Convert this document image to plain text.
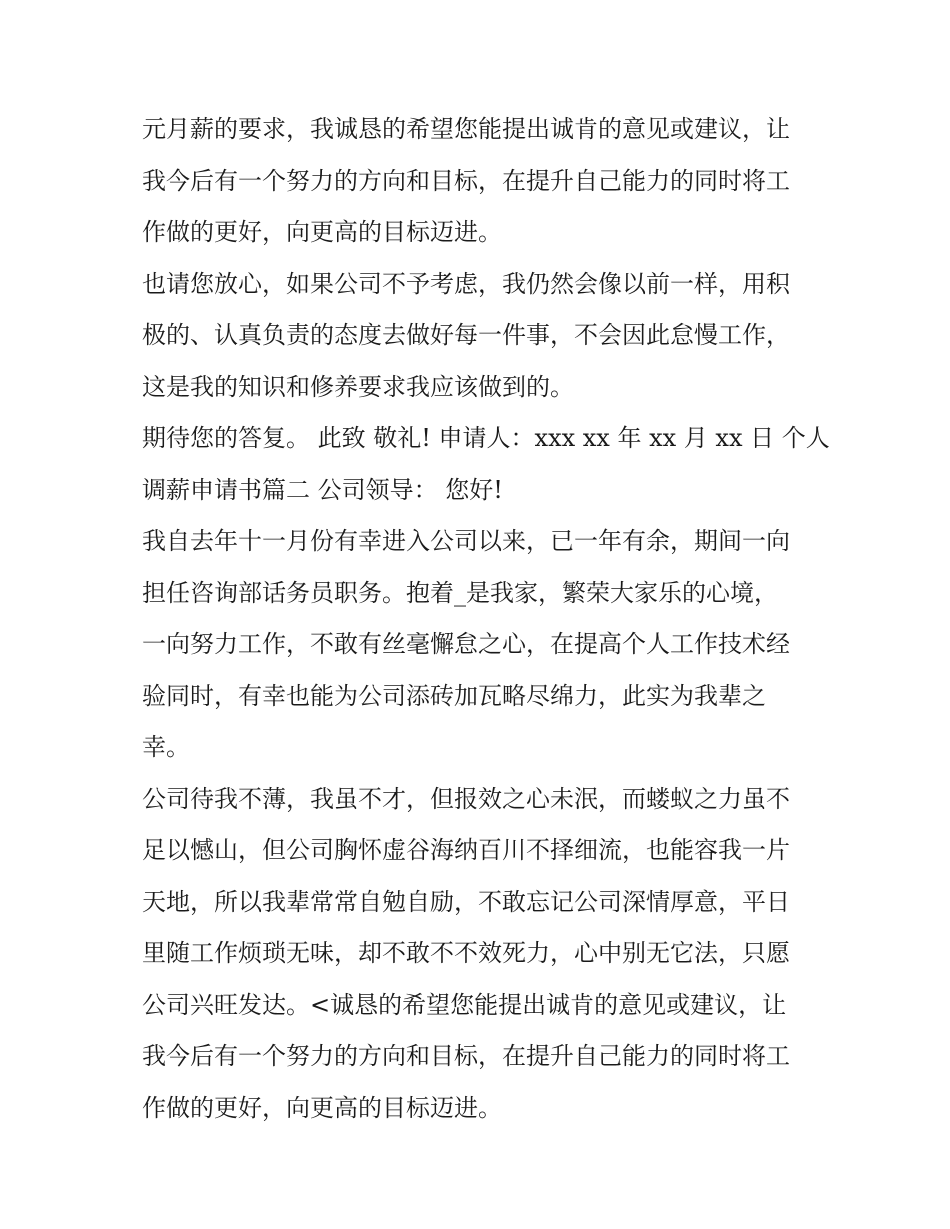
元月薪的要求，我诚恳的希望您能提出诚肯的意见或建议，让
我今后有一个努力的方向和目标，在提升自己能力的同时将工
作做的更好，向更高的目标迈进。

也请您放心，如果公司不予考虑，我仍然会像以前一样，用积
极的、认真负责的态度去做好每一件事，不会因此怠慢工作，
这是我的知识和修养要求我应该做到的。

期待您的答复。 此致 敬礼! 申请人：xxx xx 年 xx 月 xx 日 个人
调薪申请书篇二 公司领导： 您好!

我自去年十一月份有幸进入公司以来，已一年有余，期间一向
担任咨询部话务员职务。抱着_是我家，繁荣大家乐的心境，
一向努力工作，不敢有丝毫懈怠之心，在提高个人工作技术经
验同时，有幸也能为公司添砖加瓦略尽绵力，此实为我辈之
幸。

公司待我不薄，我虽不才，但报效之心未泯，而蝼蚁之力虽不
足以憾山，但公司胸怀虚谷海纳百川不择细流，也能容我一片
天地，所以我辈常常自勉自励，不敢忘记公司深情厚意，平日
里随工作烦琐无味，却不敢不不效死力，心中别无它法，只愿
公司兴旺发达。<诚恳的希望您能提出诚肯的意见或建议，让
我今后有一个努力的方向和目标，在提升自己能力的同时将工
作做的更好，向更高的目标迈进。
